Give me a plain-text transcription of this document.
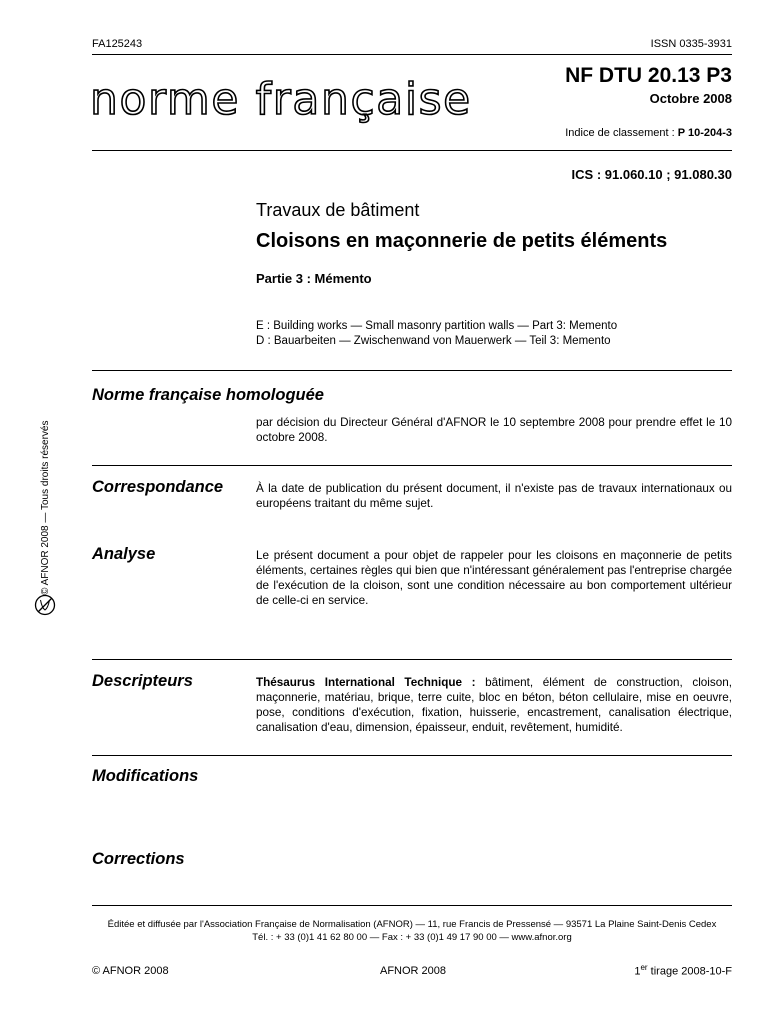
FA125243	ISSN 0335-3931
norme française	NF DTU 20.13 P3
Octobre 2008
Indice de classement : P 10-204-3
ICS : 91.060.10 ; 91.080.30
Travaux de bâtiment
Cloisons en maçonnerie de petits éléments
Partie 3 : Mémento
E : Building works — Small masonry partition walls — Part 3: Memento
D : Bauarbeiten — Zwischenwand von Mauerwerk — Teil 3: Memento
Norme française homologuée
par décision du Directeur Général d'AFNOR le 10 septembre 2008 pour prendre effet le 10 octobre 2008.
Correspondance	À la date de publication du présent document, il n'existe pas de travaux internationaux ou européens traitant du même sujet.
Analyse	Le présent document a pour objet de rappeler pour les cloisons en maçonnerie de petits éléments, certaines règles qui bien que n'intéressant généralement pas l'entreprise chargée de l'exécution de la cloison, sont une condition nécessaire au bon comportement ultérieur de celle-ci en service.
Descripteurs	Thésaurus International Technique : bâtiment, élément de construction, cloison, maçonnerie, matériau, brique, terre cuite, bloc en béton, béton cellulaire, mise en oeuvre, pose, conditions d'exécution, fixation, huisserie, encastrement, canalisation électrique, canalisation d'eau, dimension, épaisseur, enduit, revêtement, humidité.
Modifications
Corrections
Éditée et diffusée par l'Association Française de Normalisation (AFNOR) — 11, rue Francis de Pressensé — 93571 La Plaine Saint-Denis Cedex
Tél. : + 33 (0)1 41 62 80 00 — Fax : + 33 (0)1 49 17 90 00 — www.afnor.org
© AFNOR 2008	AFNOR 2008	1er tirage 2008-10-F
© AFNOR 2008 — Tous droits réservés
